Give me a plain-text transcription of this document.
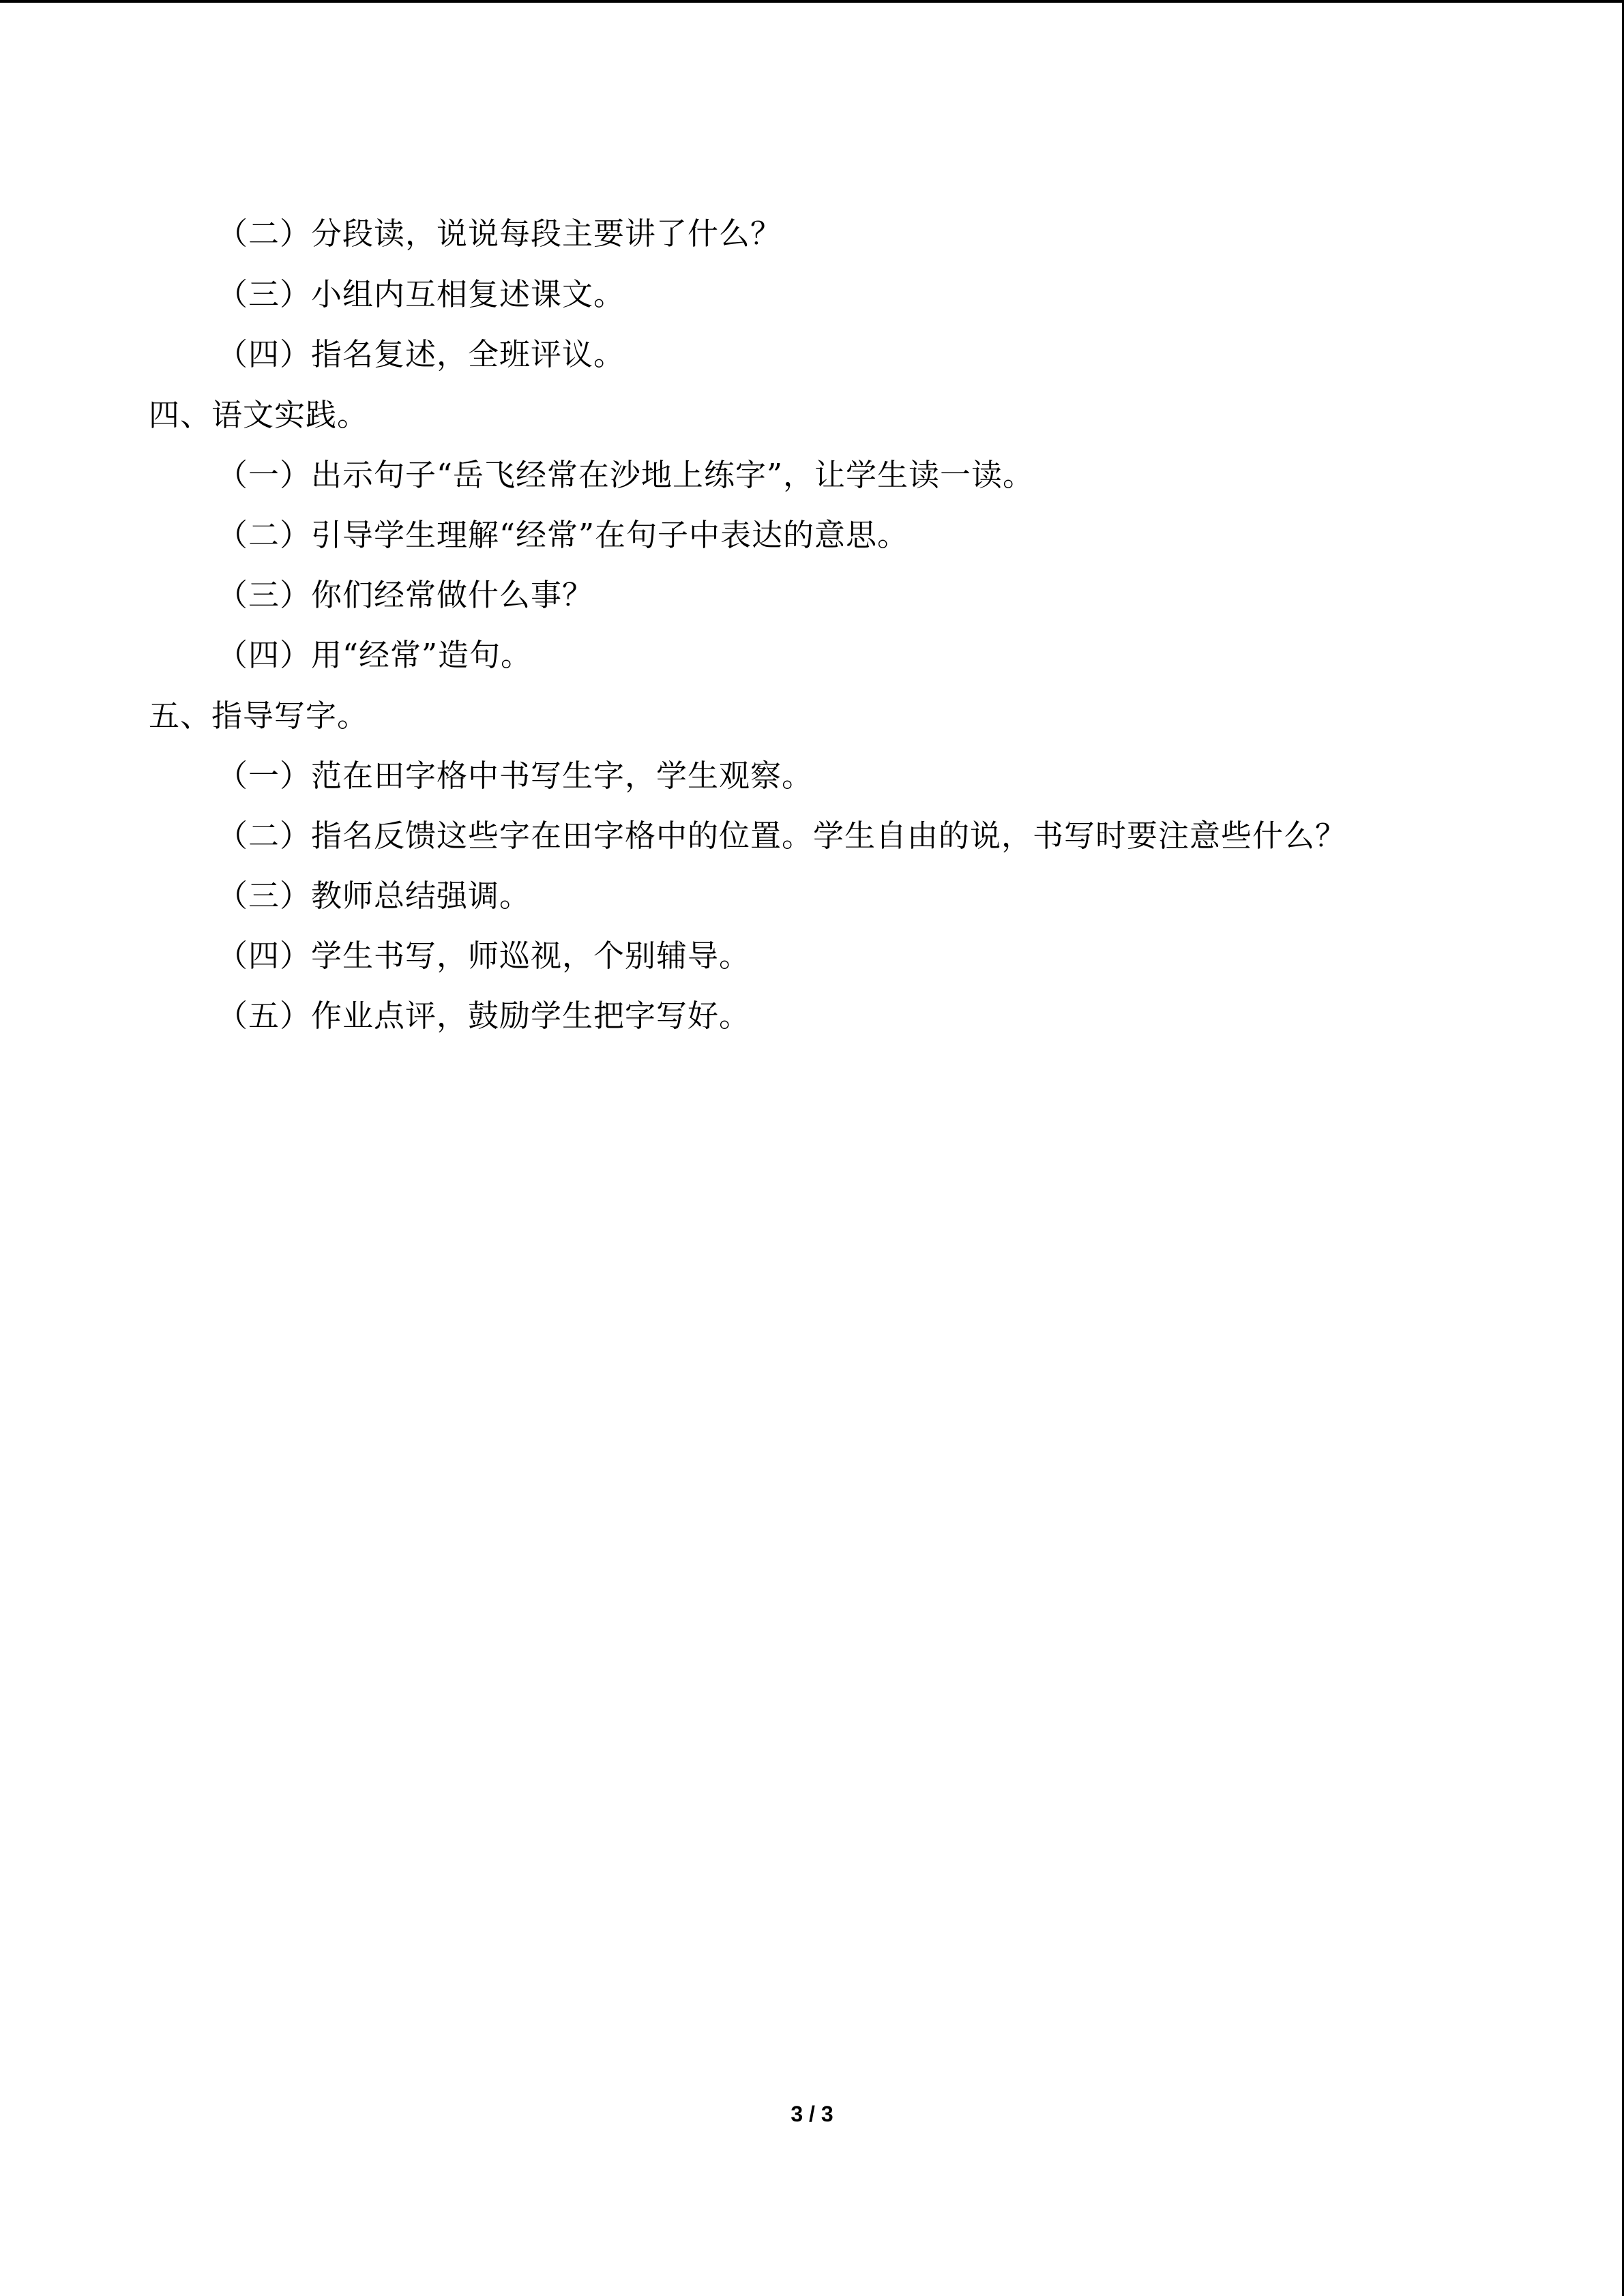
（二）分段读，说说每段主要讲了什么？
（三）小组内互相复述课文。
（四）指名复述，全班评议。
四、语文实践。
（一）出示句子“岳飞经常在沙地上练字”，让学生读一读。
（二）引导学生理解“经常”在句子中表达的意思。
（三）你们经常做什么事？
（四）用“经常”造句。
五、指导写字。
（一）范在田字格中书写生字，学生观察。
（二）指名反馈这些字在田字格中的位置。学生自由的说，书写时要注意些什么？
（三）教师总结强调。
（四）学生书写，师巡视，个别辅导。
（五）作业点评，鼓励学生把字写好。
3 / 3
